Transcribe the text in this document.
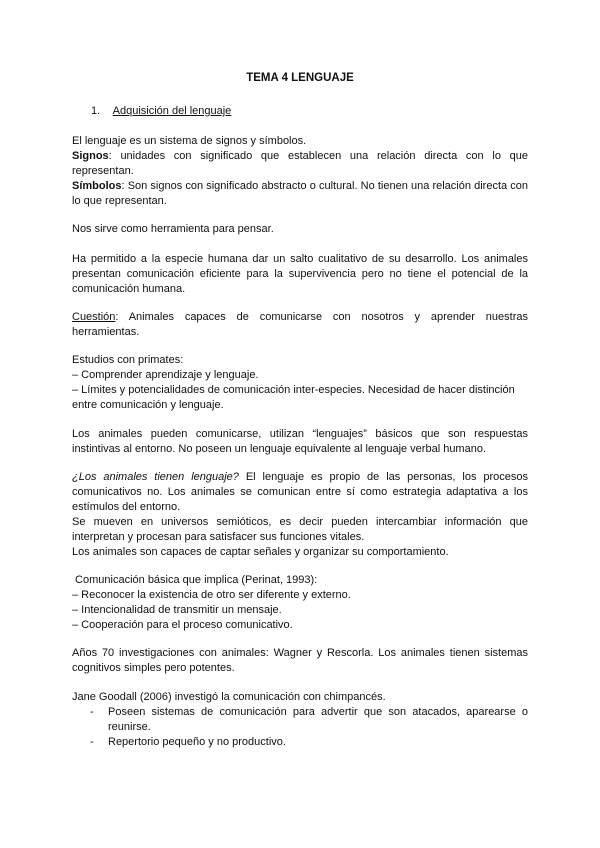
TEMA 4 LENGUAJE
1. Adquisición del lenguaje
El lenguaje es un sistema de signos y símbolos.
Signos: unidades con significado que establecen una relación directa con lo que representan.
Símbolos: Son signos con significado abstracto o cultural. No tienen una relación directa con lo que representan.
Nos sirve como herramienta para pensar.
Ha permitido a la especie humana dar un salto cualitativo de su desarrollo. Los animales presentan comunicación eficiente para la supervivencia pero no tiene el potencial de la comunicación humana.
Cuestión: Animales capaces de comunicarse con nosotros y aprender nuestras herramientas.
Estudios con primates:
– Comprender aprendizaje y lenguaje.
– Límites y potencialidades de comunicación inter-especies. Necesidad de hacer distinción entre comunicación y lenguaje.
Los animales pueden comunicarse, utilizan “lenguajes” básicos que son respuestas instintivas al entorno. No poseen un lenguaje equivalente al lenguaje verbal humano.
¿Los animales tienen lenguaje? El lenguaje es propio de las personas, los procesos comunicativos no. Los animales se comunican entre sí como estrategia adaptativa a los estímulos del entorno.
Se mueven en universos semióticos, es decir pueden intercambiar información que interpretan y procesan para satisfacer sus funciones vitales.
Los animales son capaces de captar señales y organizar su comportamiento.
Comunicación básica que implica (Perinat, 1993):
– Reconocer la existencia de otro ser diferente y externo.
– Intencionalidad de transmitir un mensaje.
– Cooperación para el proceso comunicativo.
Años 70 investigaciones con animales: Wagner y Rescorla. Los animales tienen sistemas cognitivos simples pero potentes.
Jane Goodall (2006) investigó la comunicación con chimpancés.
- Poseen sistemas de comunicación para advertir que son atacados, aparearse o reunirse.
- Repertorio pequeño y no productivo.
